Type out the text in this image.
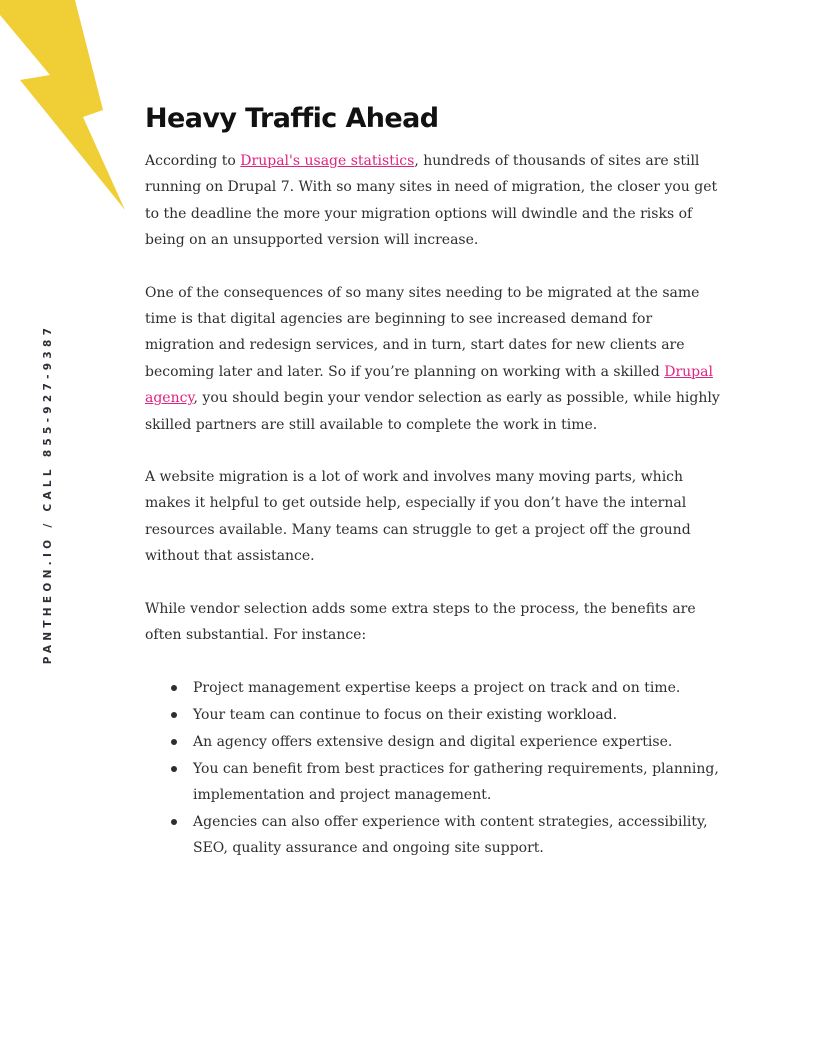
PANTHEON.IO / CALL 855-927-9387
Heavy Traffic Ahead

According to Drupal's usage statistics, hundreds of thousands of sites are still running on Drupal 7. With so many sites in need of migration, the closer you get to the deadline the more your migration options will dwindle and the risks of being on an unsupported version will increase.

One of the consequences of so many sites needing to be migrated at the same time is that digital agencies are beginning to see increased demand for migration and redesign services, and in turn, start dates for new clients are becoming later and later. So if you’re planning on working with a skilled Drupal agency, you should begin your vendor selection as early as possible, while highly skilled partners are still available to complete the work in time.

A website migration is a lot of work and involves many moving parts, which makes it helpful to get outside help, especially if you don’t have the internal resources available. Many teams can struggle to get a project off the ground without that assistance.

While vendor selection adds some extra steps to the process, the benefits are often substantial. For instance:

Project management expertise keeps a project on track and on time.
Your team can continue to focus on their existing workload.
An agency offers extensive design and digital experience expertise.
You can benefit from best practices for gathering requirements, planning, implementation and project management.
Agencies can also offer experience with content strategies, accessibility, SEO, quality assurance and ongoing site support.
